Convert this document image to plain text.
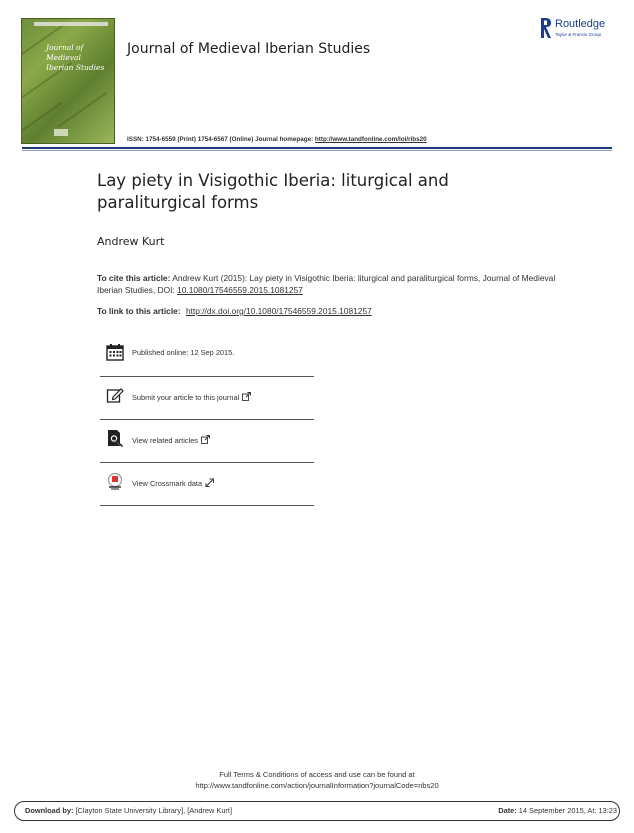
Journal of Medieval Iberian Studies
Journal of Medieval Iberian Studies
Routledge
Taylor & Francis Group
ISSN: 1754-6559 (Print) 1754-6567 (Online) Journal homepage: http://www.tandfonline.com/loi/ribs20
Lay piety in Visigothic Iberia: liturgical and paraliturgical forms
Andrew Kurt
To cite this article: Andrew Kurt (2015): Lay piety in Visigothic Iberia: liturgical and paraliturgical forms, Journal of Medieval Iberian Studies, DOI: 10.1080/17546559.2015.1081257
To link to this article: http://dx.doi.org/10.1080/17546559.2015.1081257
Published online: 12 Sep 2015.
Submit your article to this journal
View related articles
View Crossmark data
Full Terms & Conditions of access and use can be found at
http://www.tandfonline.com/action/journalInformation?journalCode=ribs20
Download by: [Clayton State University Library], [Andrew Kurt]	Date: 14 September 2015, At: 13:23
